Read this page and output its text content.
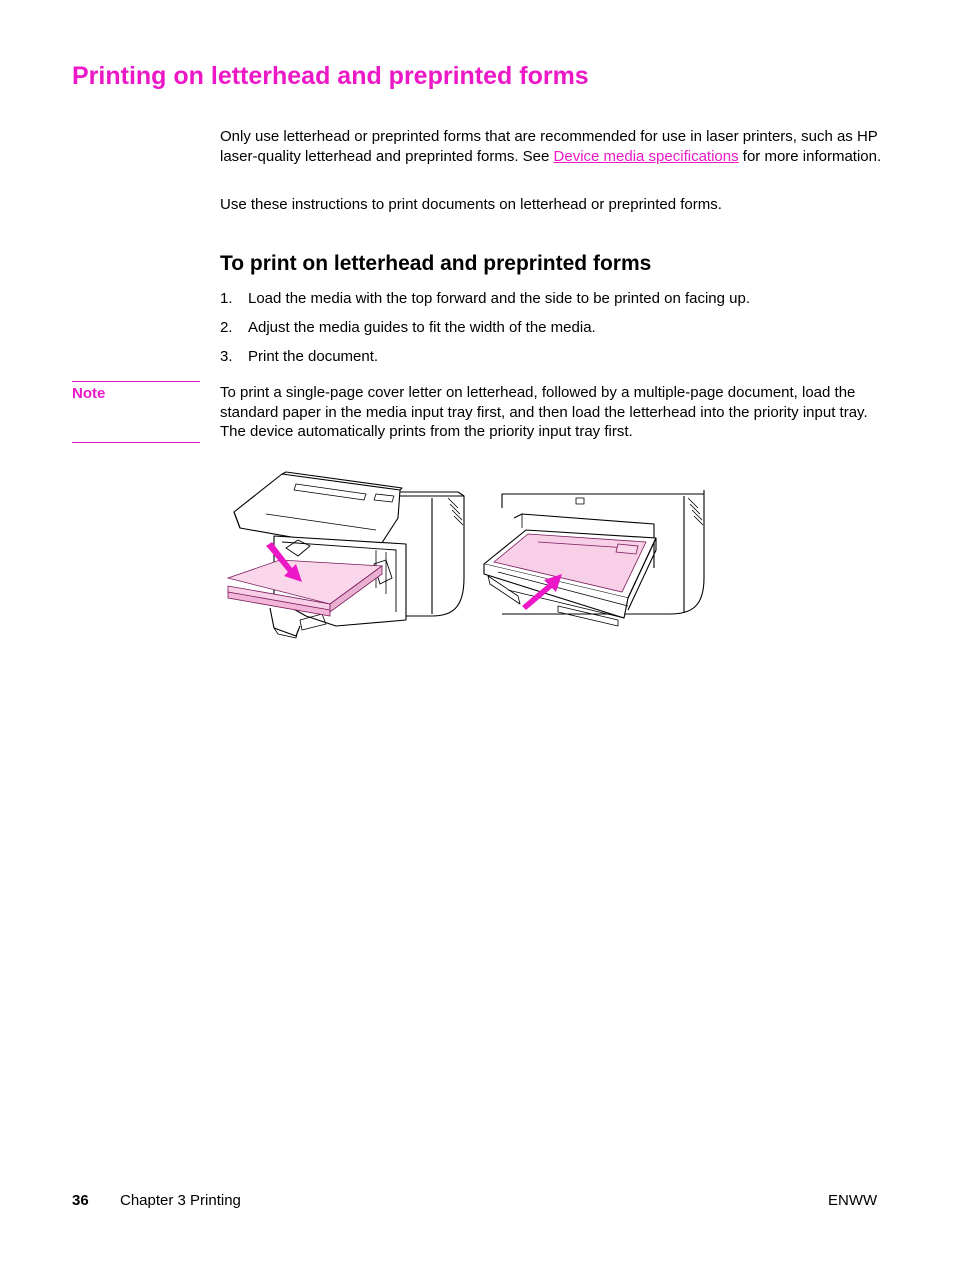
Printing on letterhead and preprinted forms

Only use letterhead or preprinted forms that are recommended for use in laser printers, such as HP laser-quality letterhead and preprinted forms. See Device media specifications for more information.

Use these instructions to print documents on letterhead or preprinted forms.

To print on letterhead and preprinted forms
1. Load the media with the top forward and the side to be printed on facing up.
2. Adjust the media guides to fit the width of the media.
3. Print the document.
Note	To print a single-page cover letter on letterhead, followed by a multiple-page document, load the standard paper in the media input tray first, and then load the letterhead into the priority input tray. The device automatically prints from the priority input tray first.

36 Chapter 3 Printing	ENWW
